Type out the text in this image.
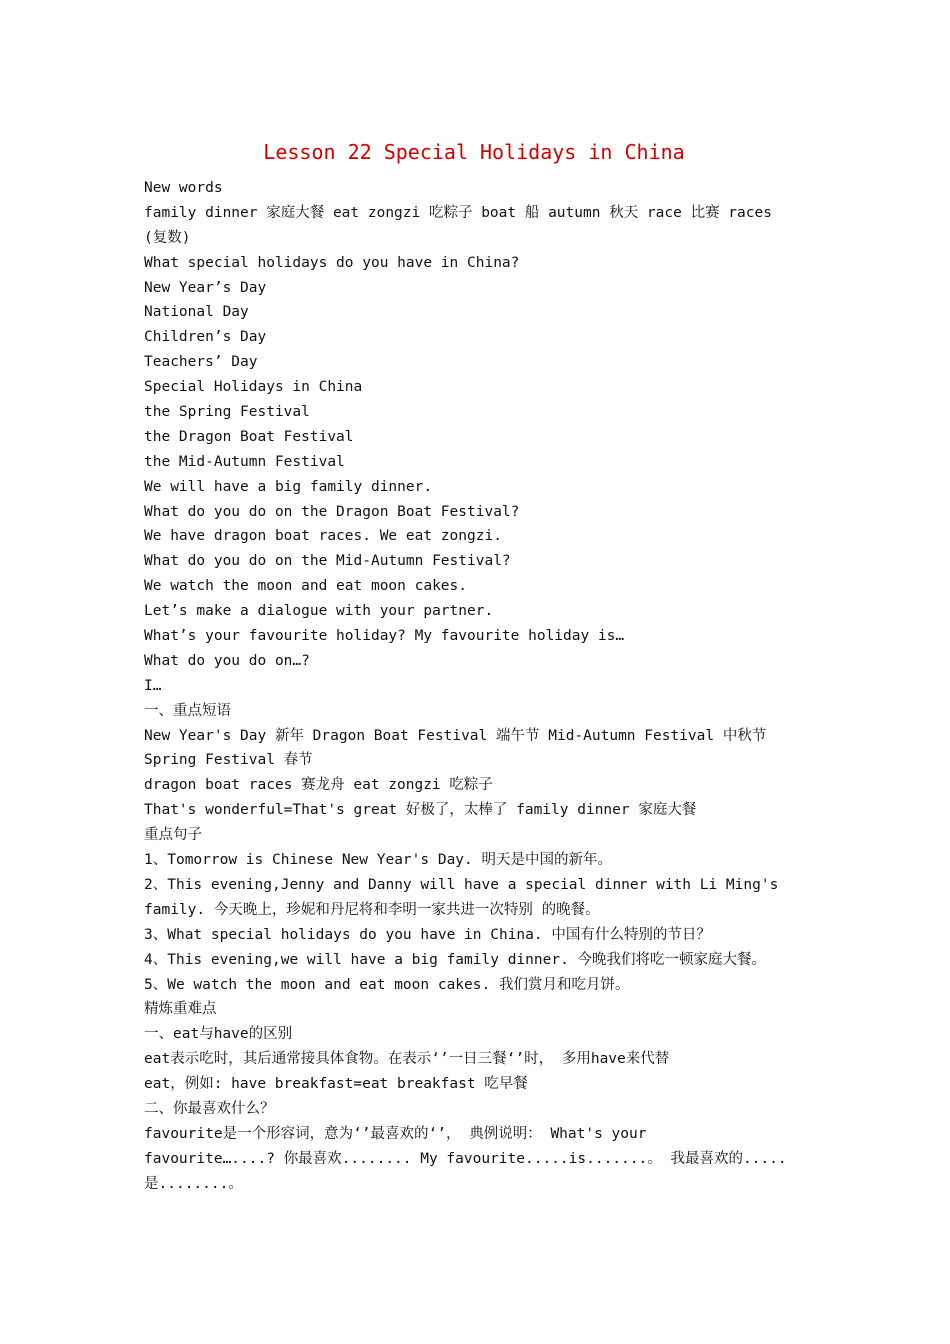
Lesson 22 Special Holidays in China
New words
family dinner 家庭大餐 eat zongzi 吃粽子 boat 船 autumn 秋天 race 比赛 races
(复数)
What special holidays do you have in China?
New Year’s Day
National Day
Children’s Day
Teachers’ Day
Special Holidays in China
the Spring Festival
the Dragon Boat Festival
the Mid-Autumn Festival
We will have a big family dinner.
What do you do on the Dragon Boat Festival?
We have dragon boat races. We eat zongzi.
What do you do on the Mid-Autumn Festival?
We watch the moon and eat moon cakes.
Let’s make a dialogue with your partner.
What’s your favourite holiday? My favourite holiday is…
What do you do on…?
I…
一、重点短语
New Year's Day 新年 Dragon Boat Festival 端午节 Mid-Autumn Festival 中秋节
Spring Festival 春节
dragon boat races 赛龙舟 eat zongzi 吃粽子
That's wonderful=That's great 好极了，太棒了 family dinner 家庭大餐
重点句子
1、Tomorrow is Chinese New Year's Day. 明天是中国的新年。
2、This evening,Jenny and Danny will have a special dinner with Li Ming's
family. 今天晚上，珍妮和丹尼将和李明一家共进一次特别 的晚餐。
3、What special holidays do you have in China. 中国有什么特别的节日？
4、This evening,we will have a big family dinner. 今晚我们将吃一顿家庭大餐。
5、We watch the moon and eat moon cakes. 我们赏月和吃月饼。
精炼重难点
一、eat与have的区别
eat表示吃时，其后通常接具体食物。在表示‘’一日三餐‘’时， 多用have来代替
eat，例如: have breakfast=eat breakfast 吃早餐
二、你最喜欢什么？
favourite是一个形容词，意为‘’最喜欢的‘’， 典例说明： What's your
favourite…....? 你最喜欢........ My favourite.....is.......。 我最喜欢的.....
是........。
